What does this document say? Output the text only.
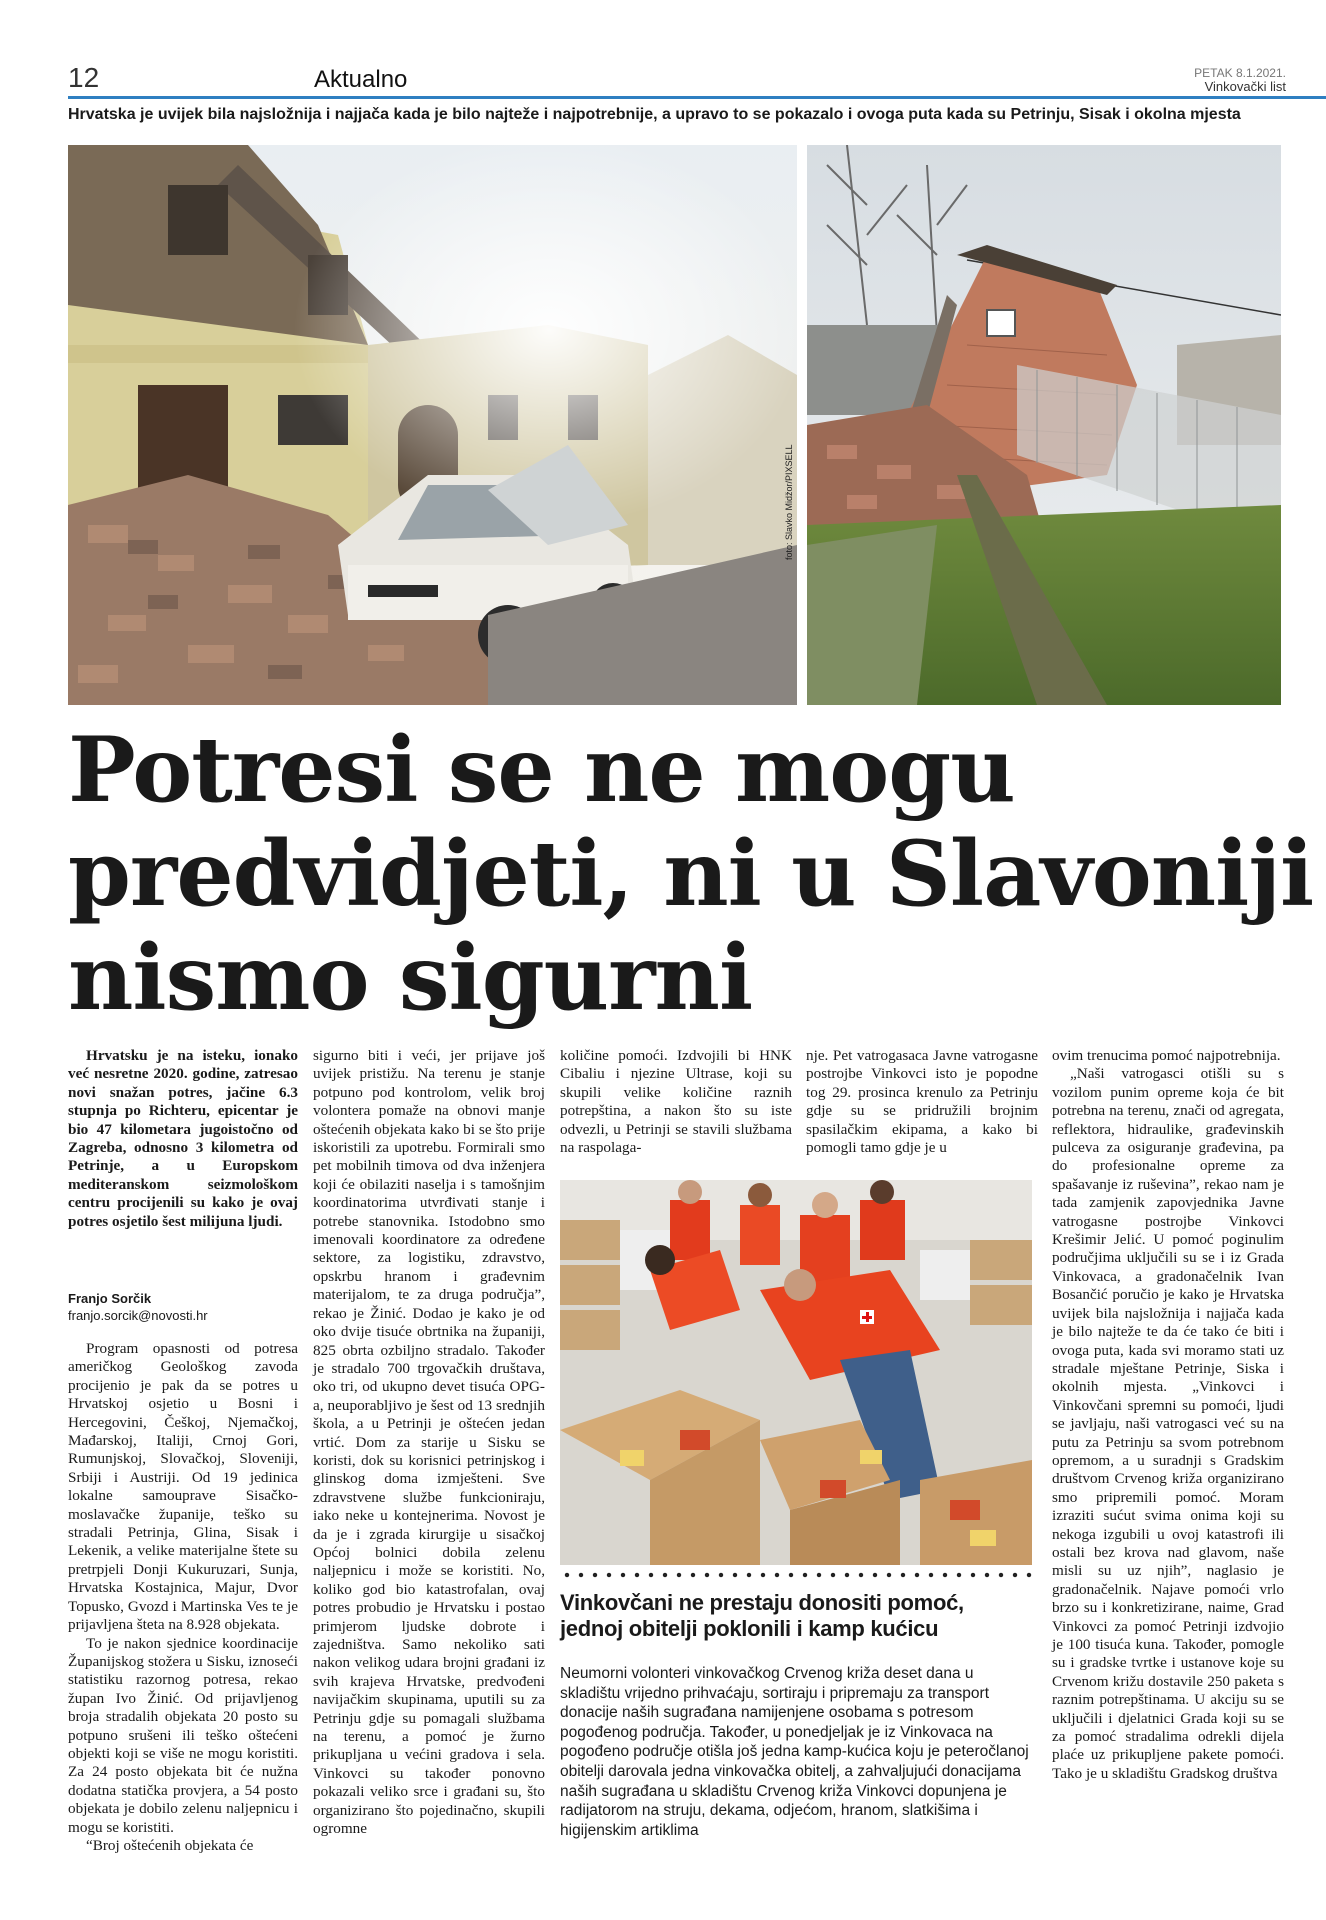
12	Aktualno	PETAK 8.1.2021.
Vinkovački list
Hrvatska je uvijek bila najsložnija i najjača kada je bilo najteže i najpotrebnije, a upravo to se pokazalo i ovoga puta kada su Petrinju, Sisak i okolna mjesta
foto: Slavko Midžor/PIXSELL
Potresi se ne mogu predvidjeti, ni u Slavoniji nismo sigurni

Hrvatsku je na isteku, ionako već nesretne 2020. godine, zatresao novi snažan potres, jačine 6.3 stupnja po Richteru, epicentar je bio 47 kilometara jugoistočno od Zagreba, odnosno 3 kilometra od Petrinje, a u Europskom mediteranskom seizmološkom centru procijenili su kako je ovaj potres osjetilo šest milijuna ljudi.

Franjo Sorčik
franjo.sorcik@novosti.hr

Program opasnosti od potresa američkog Geološkog zavoda procijenio je pak da se potres u Hrvatskoj osjetio u Bosni i Hercegovini, Češkoj, Njemačkoj, Mađarskoj, Italiji, Crnoj Gori, Rumunjskoj, Slovačkoj, Sloveniji, Srbiji i Austriji. Od 19 jedinica lokalne samouprave Sisačko-moslavačke županije, teško su stradali Petrinja, Glina, Sisak i Lekenik, a velike materijalne štete su pretrpjeli Donji Kukuruzari, Sunja, Hrvatska Kostajnica, Majur, Dvor Topusko, Gvozd i Martinska Ves te je prijavljena šteta na 8.928 objekata.

To je nakon sjednice koordinacije Županijskog stožera u Sisku, iznoseći statistiku razornog potresa, rekao župan Ivo Žinić. Od prijavljenog broja stradalih objekata 20 posto su potpuno srušeni ili teško oštećeni objekti koji se više ne mogu koristiti. Za 24 posto objekata bit će nužna dodatna statička provjera, a 54 posto objekata je dobilo zelenu naljepnicu i mogu se koristiti.

“Broj oštećenih objekata će

sigurno biti i veći, jer prijave još uvijek pristižu. Na terenu je stanje potpuno pod kontrolom, velik broj volontera pomaže na obnovi manje oštećenih objekata kako bi se što prije iskoristili za upotrebu. Formirali smo pet mobilnih timova od dva inženjera koji će obilaziti naselja i s tamošnjim koordinatorima utvrđivati stanje i potrebe stanovnika. Istodobno smo imenovali koordinatore za određene sektore, za logistiku, zdravstvo, opskrbu hranom i građevnim materijalom, te za druga područja”, rekao je Žinić. Dodao je kako je od oko dvije tisuće obrtnika na županiji, 825 obrta ozbiljno stradalo. Također je stradalo 700 trgovačkih društava, oko tri, od ukupno devet tisuća OPG-a, neuporabljivo je šest od 13 srednjih škola, a u Petrinji je oštećen jedan vrtić. Dom za starije u Sisku se koristi, dok su korisnici petrinjskog i glinskog doma izmješteni. Sve zdravstvene službe funkcioniraju, iako neke u kontejnerima. Novost je da je i zgrada kirurgije u sisačkoj Općoj bolnici dobila zelenu naljepnicu i može se koristiti. No, koliko god bio katastrofalan, ovaj potres probudio je Hrvatsku i postao primjerom ljudske dobrote i zajedništva. Samo nekoliko sati nakon velikog udara brojni građani iz svih krajeva Hrvatske, predvođeni navijačkim skupinama, uputili su za Petrinju gdje su pomagali službama na terenu, a pomoć je žurno prikupljana u većini gradova i sela. Vinkovci su također ponovno pokazali veliko srce i građani su, što organizirano što pojedinačno, skupili ogromne

količine pomoći. Izdvojili bi HNK Cibaliu i njezine Ultrase, koji su skupili velike količine raznih potrepština, a nakon što su iste odvezli, u Petrinji se stavili službama na raspolaga-

nje. Pet vatrogasaca Javne vatrogasne postrojbe Vinkovci isto je popodne tog 29. prosinca krenulo za Petrinju gdje su se pridružili brojnim spasilačkim ekipama, a kako bi pomogli tamo gdje je u

ovim trenucima pomoć najpotrebnija.

„Naši vatrogasci otišli su s vozilom punim opreme koja će bit potrebna na terenu, znači od agregata, reflektora, hidraulike, građevinskih pulceva za osiguranje građevina, pa do profesionalne opreme za spašavanje iz ruševina”, rekao nam je tada zamjenik zapovjednika Javne vatrogasne postrojbe Vinkovci Krešimir Jelić. U pomoć poginulim područjima uključili su se i iz Grada Vinkovaca, a gradonačelnik Ivan Bosančić poručio je kako je Hrvatska uvijek bila najsložnija i najjača kada je bilo najteže te da će tako će biti i ovoga puta, kada svi moramo stati uz stradale mještane Petrinje, Siska i okolnih mjesta. „Vinkovci i Vinkovčani spremni su pomoći, ljudi se javljaju, naši vatrogasci već su na putu za Petrinju sa svom potrebnom opremom, a u suradnji s Gradskim društvom Crvenog križa organizirano smo pripremili pomoć. Moram izraziti sućut svima onima koji su nekoga izgubili u ovoj katastrofi ili ostali bez krova nad glavom, naše misli su uz njih”, naglasio je gradonačelnik. Najave pomoći vrlo brzo su i konkretizirane, naime, Grad Vinkovci za pomoć Petrinji izdvojio je 100 tisuća kuna. Također, pomogle su i gradske tvrtke i ustanove koje su Crvenom križu dostavile 250 paketa s raznim potrepštinama. U akciju su se uključili i djelatnici Grada koji su se za pomoć stradalima odrekli dijela plaće uz prikupljene pakete pomoći. Tako je u skladištu Gradskog društva

Vinkovčani ne prestaju donositi pomoć, jednoj obitelji poklonili i kamp kućicu
Neumorni volonteri vinkovačkog Crvenog križa deset dana u skladištu vrijedno prihvaćaju, sortiraju i pripremaju za transport donacije naših sugrađana namijenjene osobama s potresom pogođenog područja. Također, u ponedjeljak je iz Vinkovaca na pogođeno područje otišla još jedna kamp-kućica koju je peteročlanoj obitelji darovala jedna vinkovačka obitelj, a zahvaljujući donacijama naših sugrađana u skladištu Crvenog križa Vinkovci dopunjena je radijatorom na struju, dekama, odjećom, hranom, slatkišima i higijenskim artiklima
